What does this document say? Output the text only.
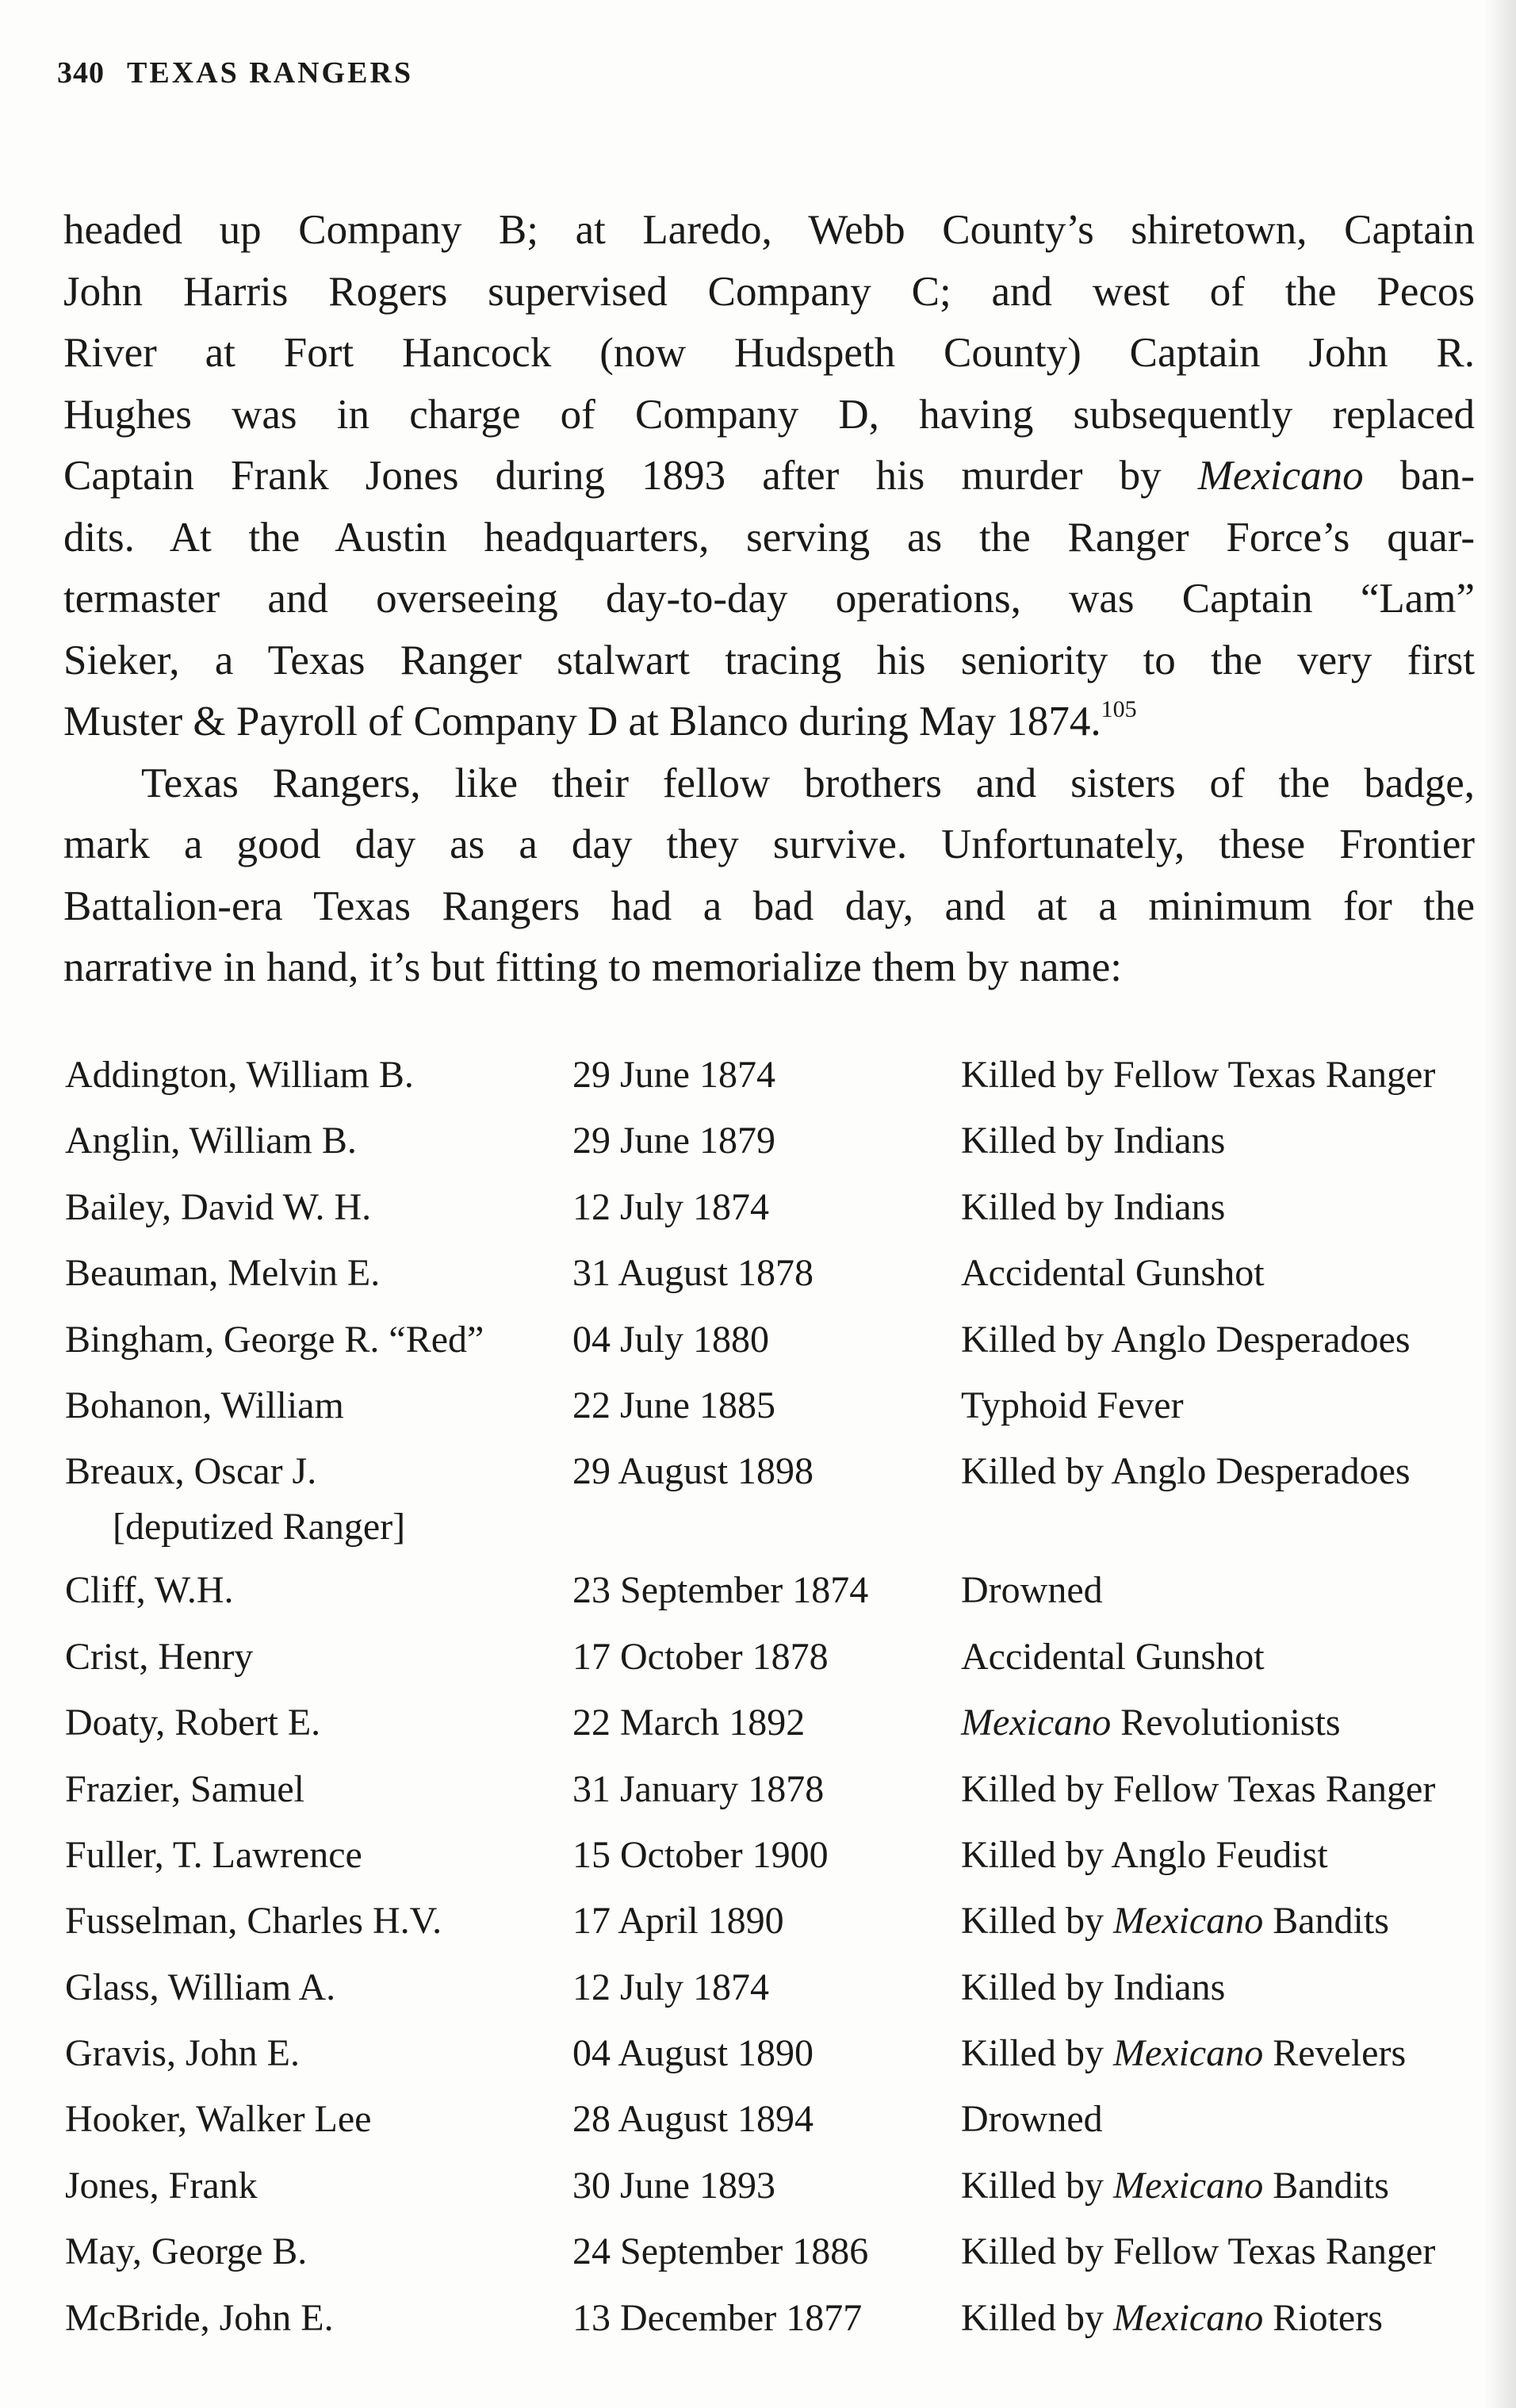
340 TEXAS RANGERS
headed up Company B; at Laredo, Webb County’s shiretown, Captain
John Harris Rogers supervised Company C; and west of the Pecos
River at Fort Hancock (now Hudspeth County) Captain John R.
Hughes was in charge of Company D, having subsequently replaced
Captain Frank Jones during 1893 after his murder by Mexicano ban-
dits. At the Austin headquarters, serving as the Ranger Force’s quar-
termaster and overseeing day-to-day operations, was Captain “Lam”
Sieker, a Texas Ranger stalwart tracing his seniority to the very first
Muster & Payroll of Company D at Blanco during May 1874.$^{105}$
Texas Rangers, like their fellow brothers and sisters of the badge,
mark a good day as a day they survive. Unfortunately, these Frontier
Battalion-era Texas Rangers had a bad day, and at a minimum for the
narrative in hand, it’s but fitting to memorialize them by name:
Addington, William B.	29 June 1874	Killed by Fellow Texas Ranger
Anglin, William B.	29 June 1879	Killed by Indians
Bailey, David W. H.	12 July 1874	Killed by Indians
Beauman, Melvin E.	31 August 1878	Accidental Gunshot
Bingham, George R. “Red” 04 July 1880	Killed by Anglo Desperadoes
Bohanon, William	22 June 1885	Typhoid Fever
Breaux, Oscar J.
[deputized Ranger]
29 August 1898	Killed by Anglo Desperadoes
Cliff, W.H.	23 September 1874 Drowned
Crist, Henry	17 October 1878	Accidental Gunshot
Doaty, Robert E.	22 March 1892	Mexicano Revolutionists
Frazier, Samuel	31 January 1878	Killed by Fellow Texas Ranger
Fuller, T. Lawrence	15 October 1900	Killed by Anglo Feudist
Fusselman, Charles H.V.	17 April 1890	Killed by Mexicano Bandits
Glass, William A.	12 July 1874	Killed by Indians
Gravis, John E.	04 August 1890	Killed by Mexicano Revelers
Hooker, Walker Lee	28 August 1894	Drowned
Jones, Frank	30 June 1893	Killed by Mexicano Bandits
May, George B.	24 September 1886 Killed by Fellow Texas Ranger
McBride, John E.	13 December 1877	Killed by Mexicano Rioters
